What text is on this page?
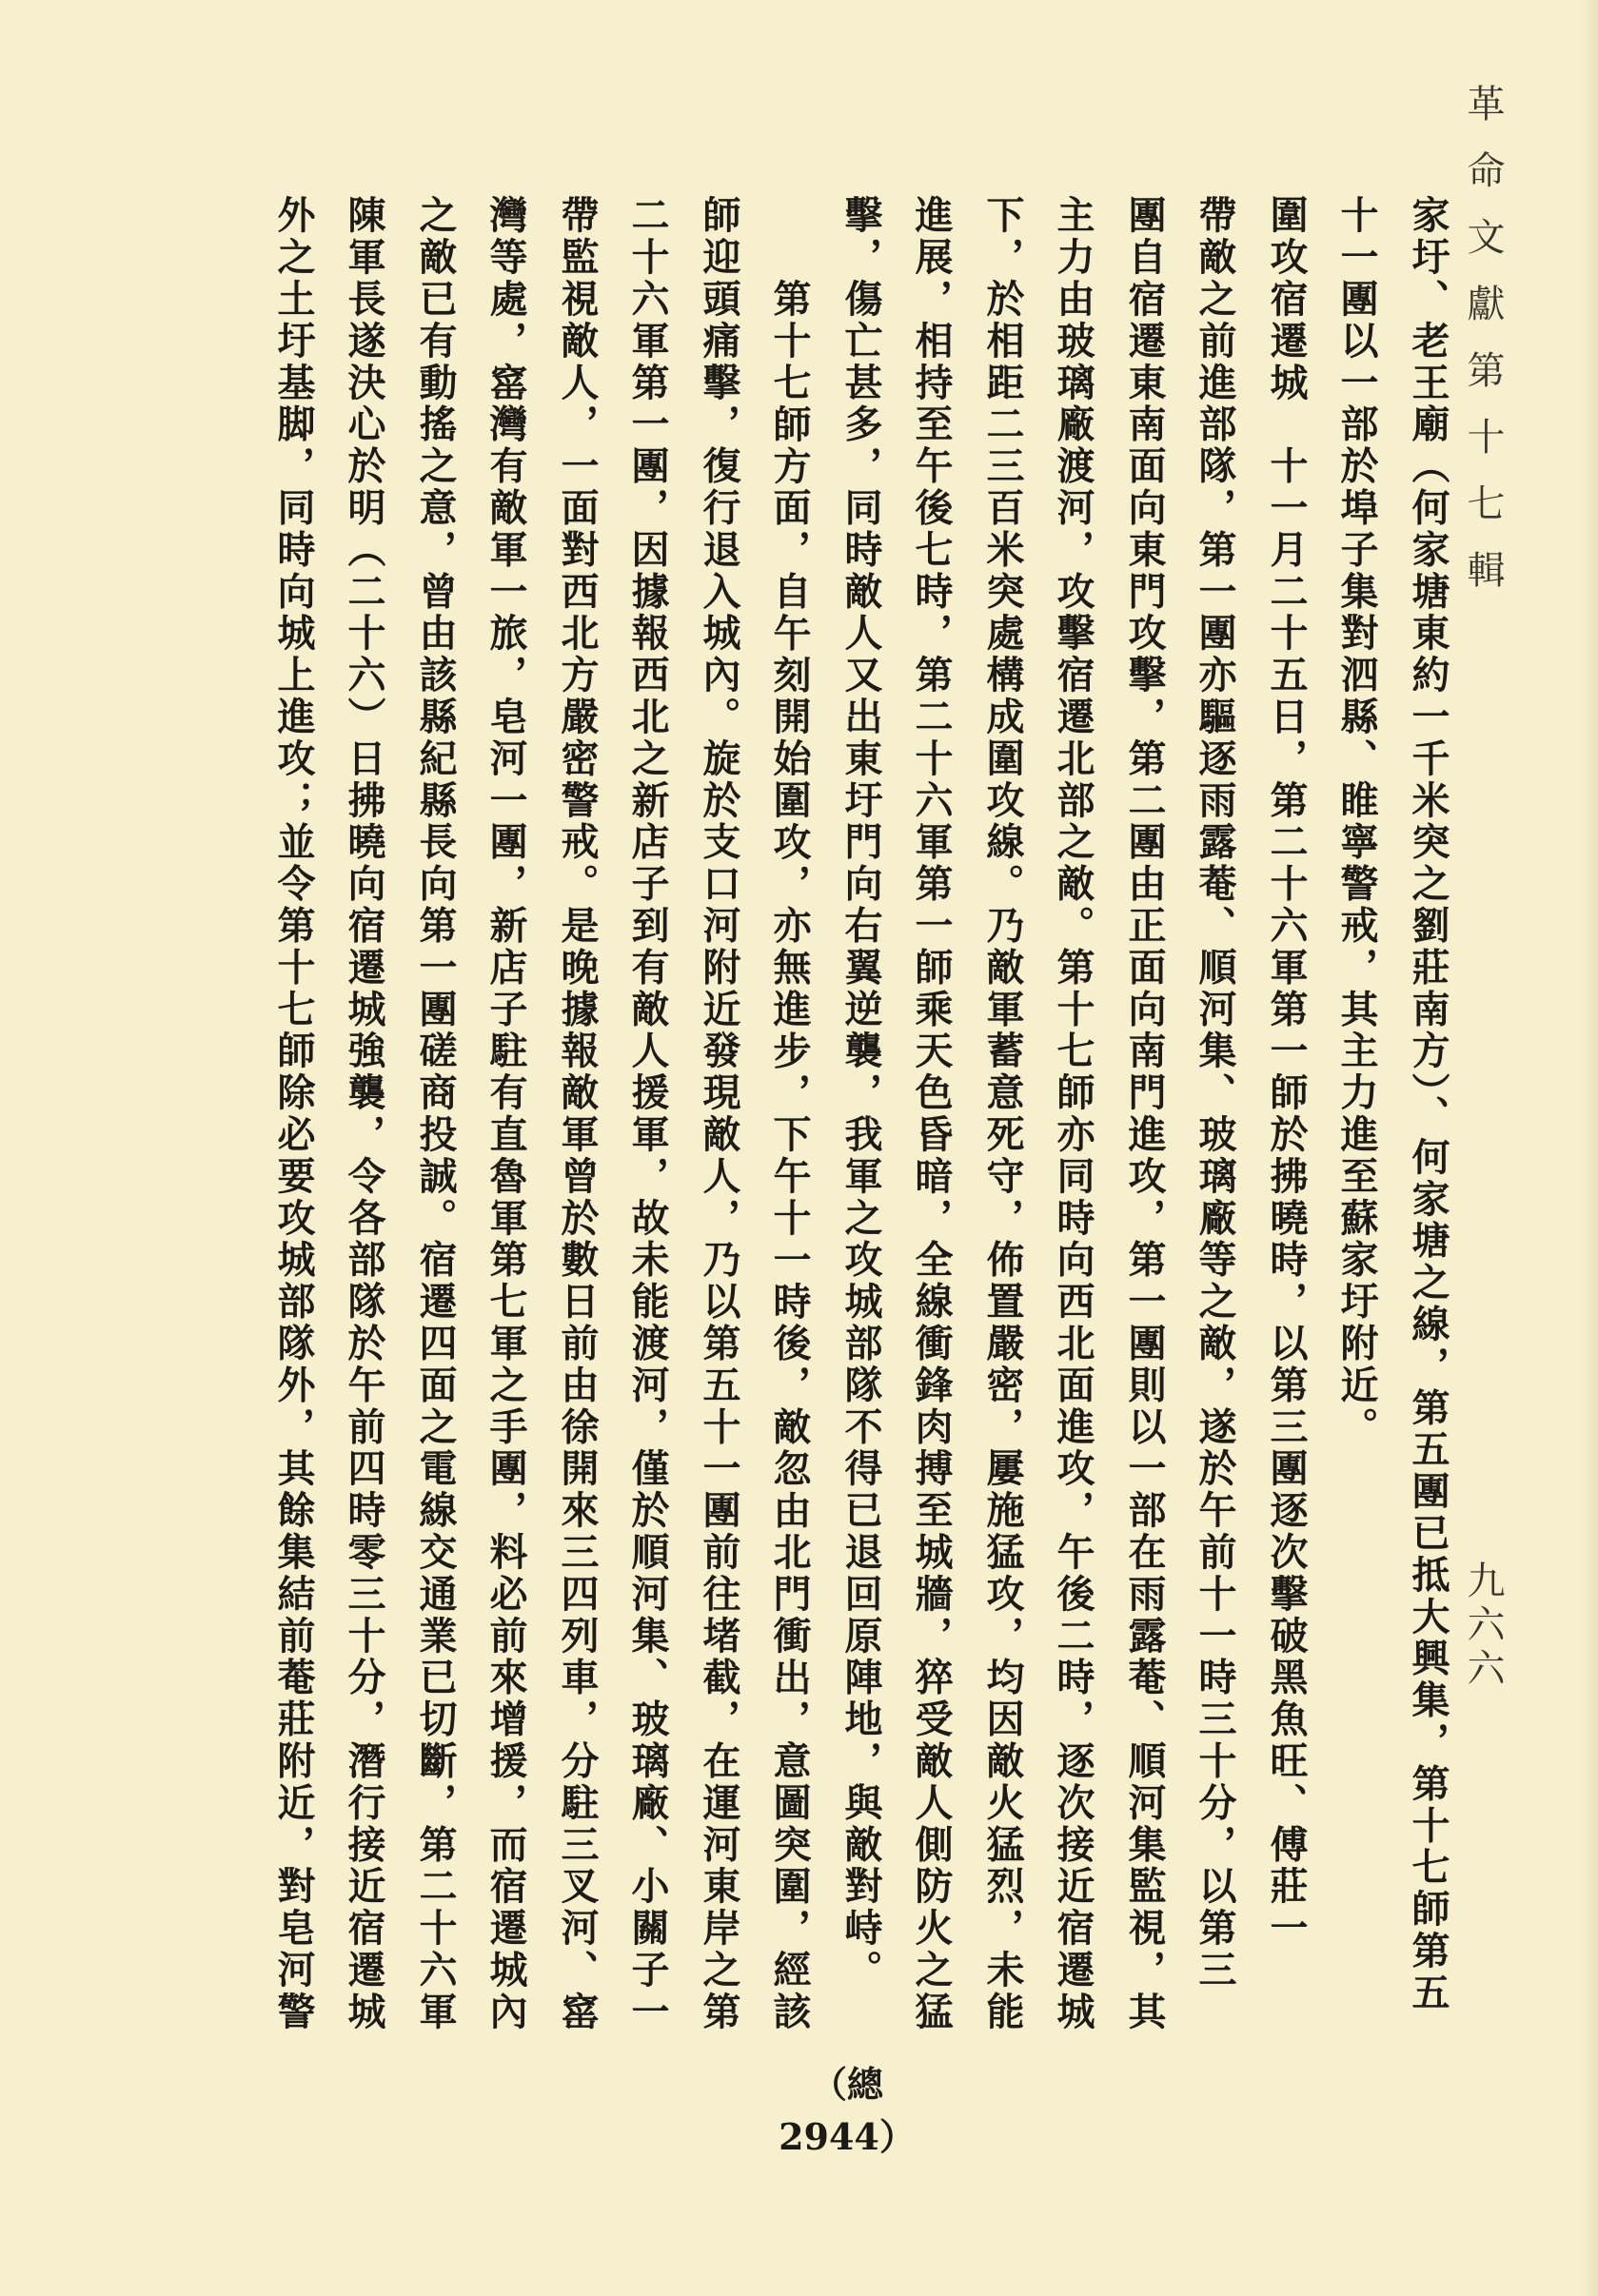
革命文獻第十七輯
九六六
家圩、老王廟（何家塘東約一千米突之劉莊南方）、何家塘之線，第五團已抵大興集，第十七師第五
十一團以一部於埠子集對泗縣、睢寧警戒，其主力進至蘇家圩附近。
圍攻宿遷城　十一月二十五日，第二十六軍第一師於拂曉時，以第三團逐次擊破黑魚旺、傅莊一
帶敵之前進部隊，第一團亦驅逐雨露菴、順河集、玻璃廠等之敵，遂於午前十一時三十分，以第三
團自宿遷東南面向東門攻擊，第二團由正面向南門進攻，第一團則以一部在雨露菴、順河集監視，其
主力由玻璃廠渡河，攻擊宿遷北部之敵。第十七師亦同時向西北面進攻，午後二時，逐次接近宿遷城
下，於相距二三百米突處構成圍攻線。乃敵軍蓄意死守，佈置嚴密，屢施猛攻，均因敵火猛烈，未能
進展，相持至午後七時，第二十六軍第一師乘天色昏暗，全線衝鋒肉搏至城牆，猝受敵人側防火之猛
擊，傷亡甚多，同時敵人又出東圩門向右翼逆襲，我軍之攻城部隊不得已退回原陣地，與敵對峙。
第十七師方面，自午刻開始圍攻，亦無進步，下午十一時後，敵忽由北門衝出，意圖突圍，經該
師迎頭痛擊，復行退入城內。旋於支口河附近發現敵人，乃以第五十一團前往堵截，在運河東岸之第
二十六軍第一團，因據報西北之新店子到有敵人援軍，故未能渡河，僅於順河集、玻璃廠、小關子一
帶監視敵人，一面對西北方嚴密警戒。是晚據報敵軍曾於數日前由徐開來三四列車，分駐三叉河、窰
灣等處，窰灣有敵軍一旅，皂河一團，新店子駐有直魯軍第七軍之手團，料必前來增援，而宿遷城內
之敵已有動搖之意，曾由該縣紀縣長向第一團磋商投誠。宿遷四面之電線交通業已切斷，第二十六軍
陳軍長遂決心於明（二十六）日拂曉向宿遷城強襲，令各部隊於午前四時零三十分，潛行接近宿遷城
外之土圩基脚，同時向城上進攻；並令第十七師除必要攻城部隊外，其餘集結前菴莊附近，對皂河警
（總2944）
